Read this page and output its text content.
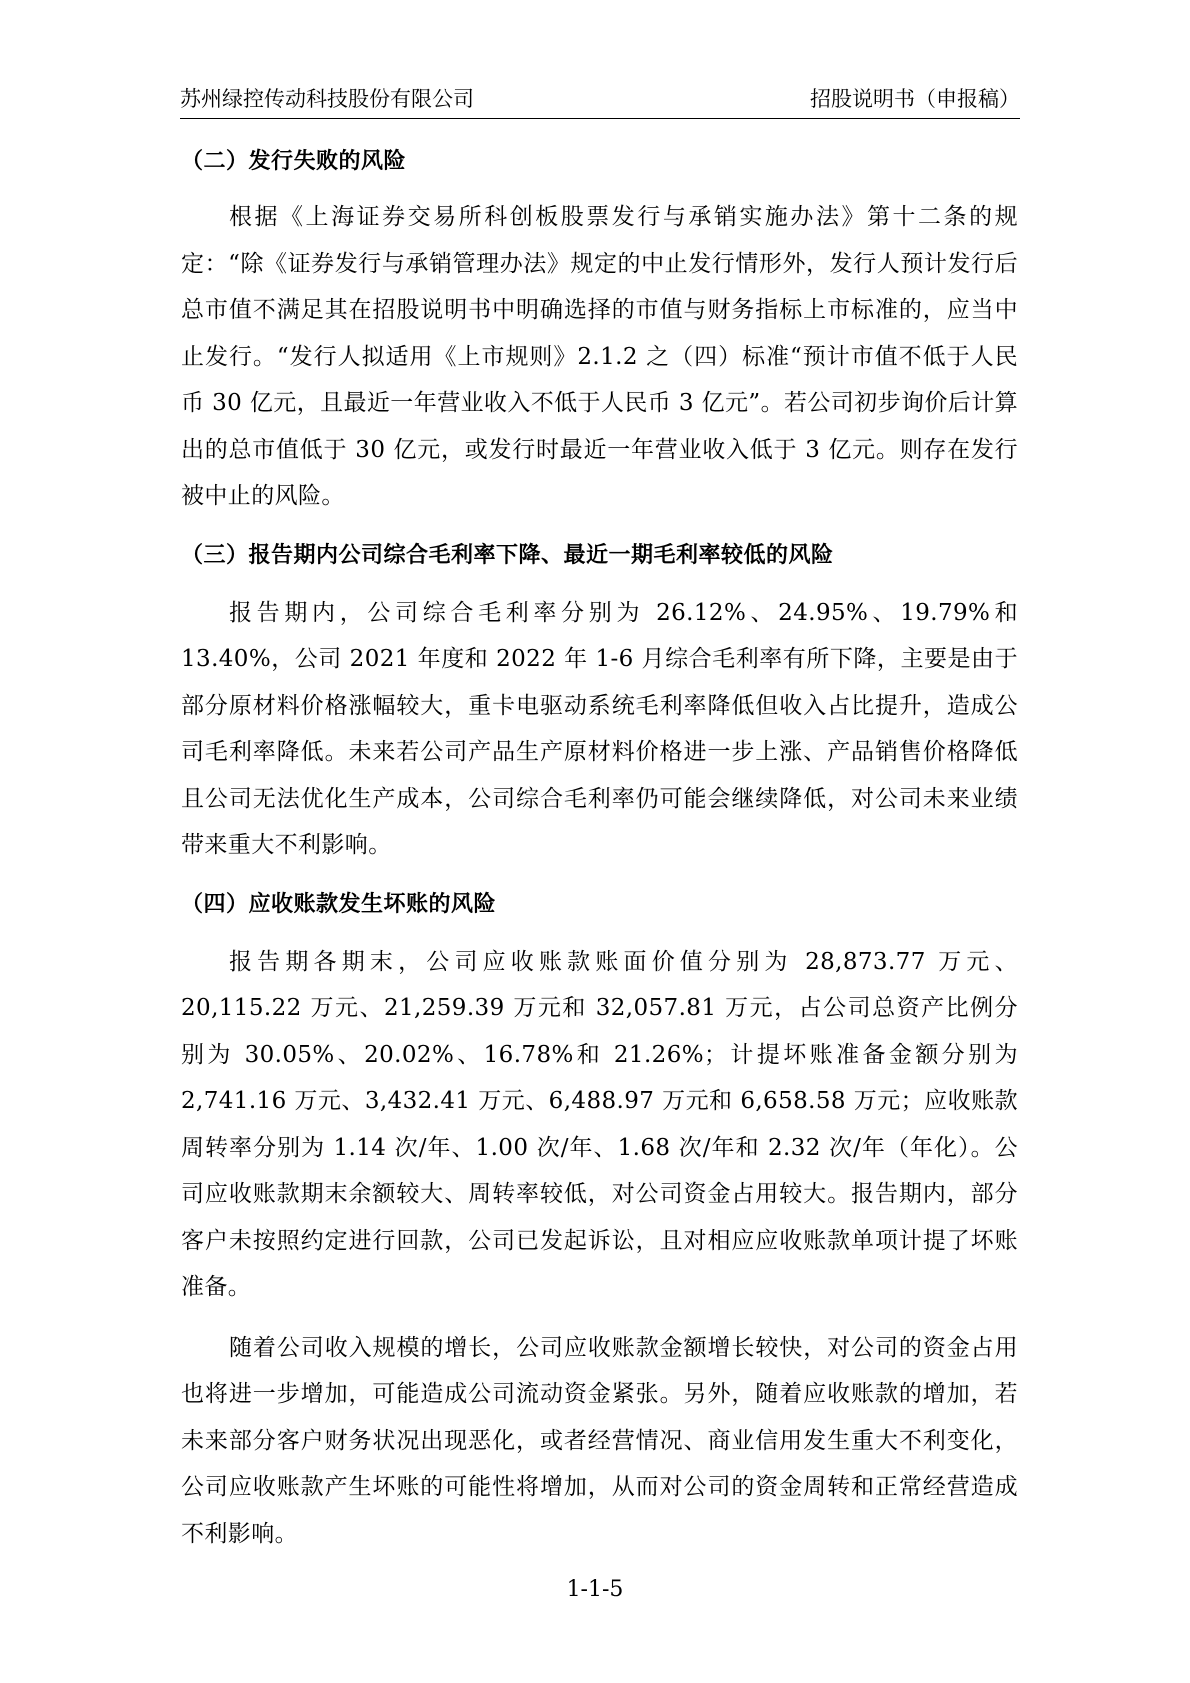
苏州绿控传动科技股份有限公司	招股说明书（申报稿）
（二）发行失败的风险

根据《上海证券交易所科创板股票发行与承销实施办法》第十二条的规定：“除《证券发行与承销管理办法》规定的中止发行情形外，发行人预计发行后总市值不满足其在招股说明书中明确选择的市值与财务指标上市标准的，应当中止发行。“发行人拟适用《上市规则》2.1.2 之（四）标准“预计市值不低于人民币 30 亿元，且最近一年营业收入不低于人民币 3 亿元”。若公司初步询价后计算出的总市值低于 30 亿元，或发行时最近一年营业收入低于 3 亿元。则存在发行被中止的风险。

（三）报告期内公司综合毛利率下降、最近一期毛利率较低的风险

报告期内，公司综合毛利率分别为 26.12%、24.95%、19.79%和 13.40%，公司 2021 年度和 2022 年 1-6 月综合毛利率有所下降，主要是由于部分原材料价格涨幅较大，重卡电驱动系统毛利率降低但收入占比提升，造成公司毛利率降低。未来若公司产品生产原材料价格进一步上涨、产品销售价格降低且公司无法优化生产成本，公司综合毛利率仍可能会继续降低，对公司未来业绩带来重大不利影响。

（四）应收账款发生坏账的风险

报告期各期末，公司应收账款账面价值分别为 28,873.77 万元、20,115.22 万元、21,259.39 万元和 32,057.81 万元，占公司总资产比例分别为 30.05%、20.02%、16.78%和 21.26%；计提坏账准备金额分别为 2,741.16 万元、3,432.41 万元、6,488.97 万元和 6,658.58 万元；应收账款周转率分别为 1.14 次/年、1.00 次/年、1.68 次/年和 2.32 次/年（年化）。公司应收账款期末余额较大、周转率较低，对公司资金占用较大。报告期内，部分客户未按照约定进行回款，公司已发起诉讼，且对相应应收账款单项计提了坏账准备。

随着公司收入规模的增长，公司应收账款金额增长较快，对公司的资金占用也将进一步增加，可能造成公司流动资金紧张。另外，随着应收账款的增加，若未来部分客户财务状况出现恶化，或者经营情况、商业信用发生重大不利变化，公司应收账款产生坏账的可能性将增加，从而对公司的资金周转和正常经营造成不利影响。

1-1-5
